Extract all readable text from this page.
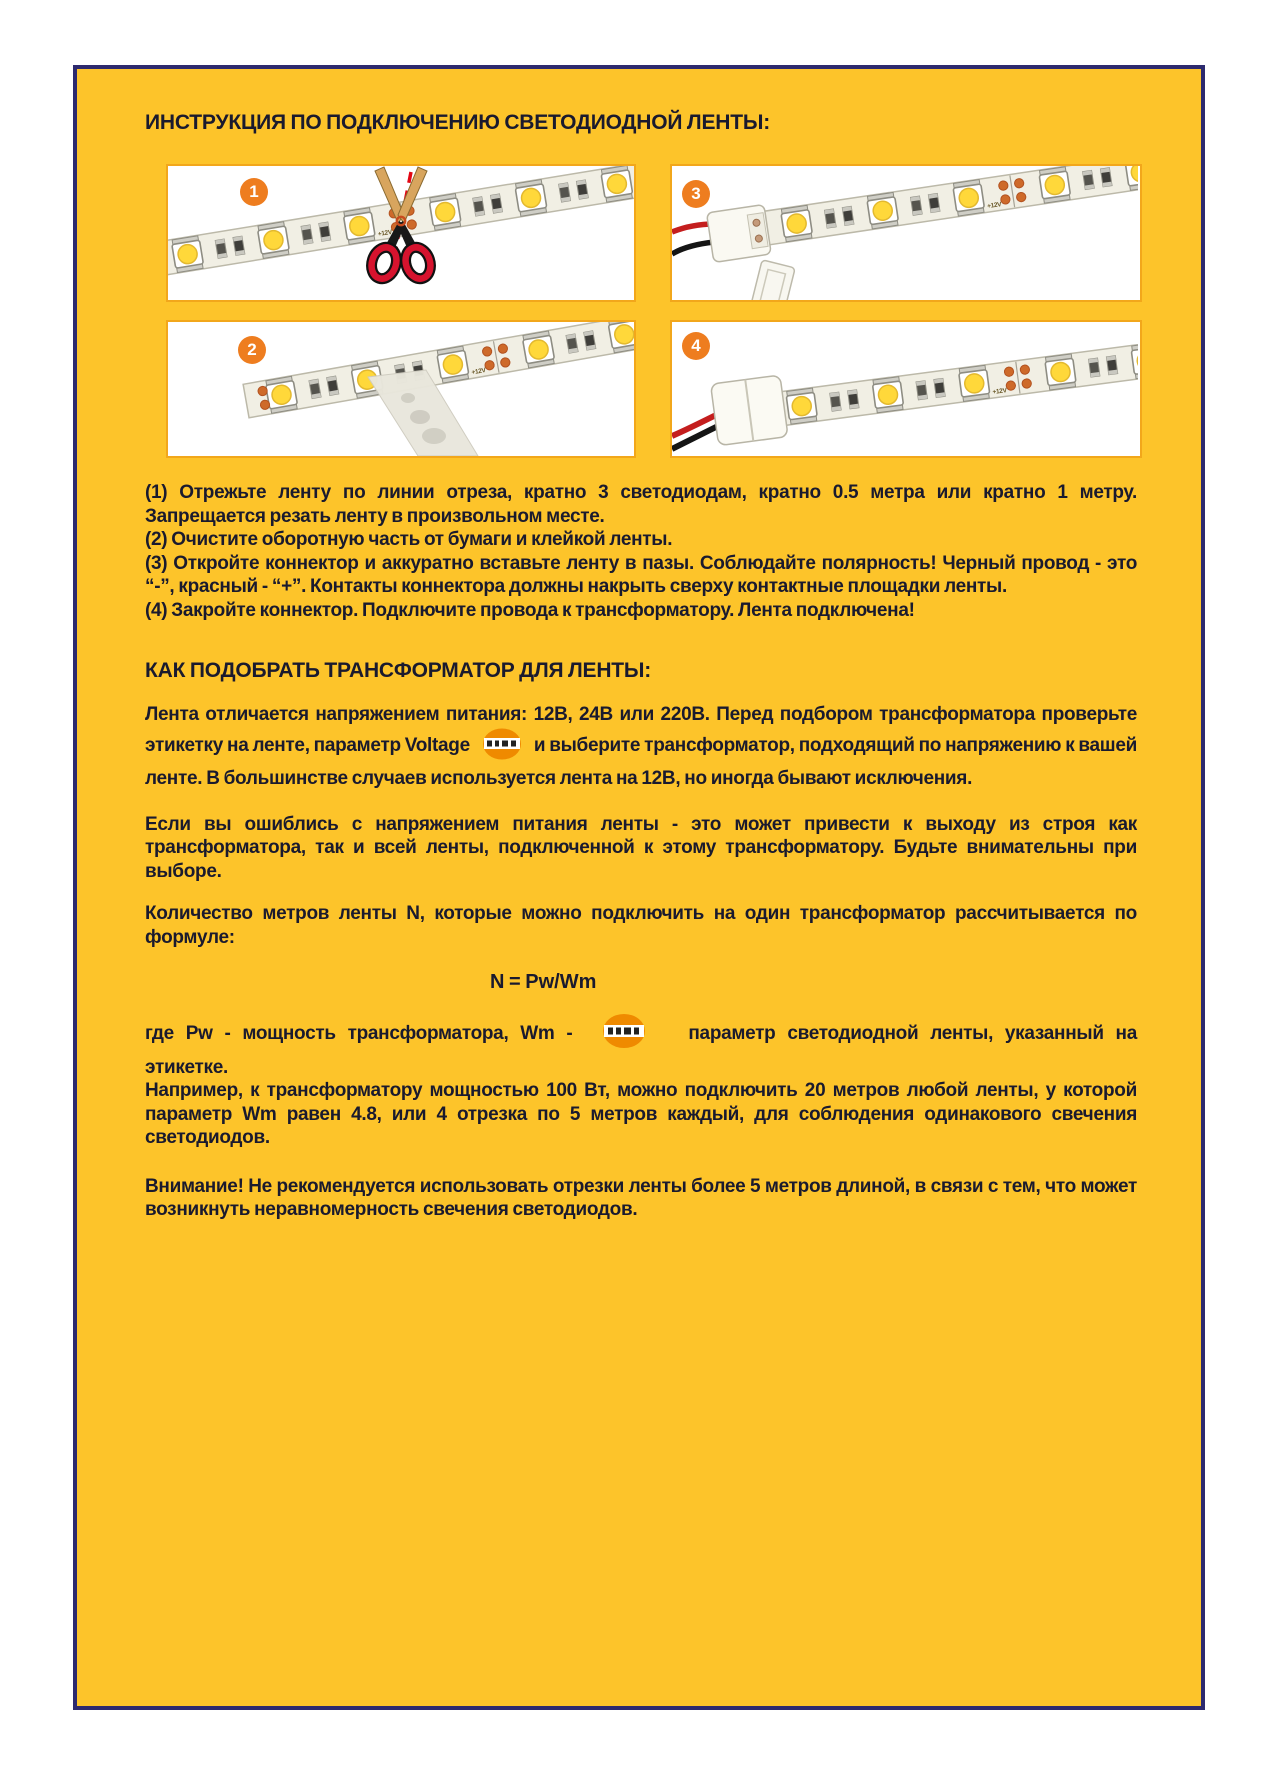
ИНСТРУКЦИЯ ПО ПОДКЛЮЧЕНИЮ СВЕТОДИОДНОЙ ЛЕНТЫ:
1	3
2	4

(1) Отрежьте ленту по линии отреза, кратно 3 светодиодам, кратно 0.5 метра или кратно 1 метру. Запрещается резать ленту в произвольном месте.

(2) Очистите оборотную часть от бумаги и клейкой ленты.

(3) Откройте коннектор и аккуратно вставьте ленту в пазы. Соблюдайте полярность! Черный провод - это “-”, красный - “+”. Контакты коннектора должны накрыть сверху контактные площадки ленты.

(4) Закройте коннектор. Подключите провода к трансформатору. Лента подключена!

КАК ПОДОБРАТЬ ТРАНСФОРМАТОР ДЛЯ ЛЕНТЫ:

Лента отличается напряжением питания: 12В, 24В или 220В. Перед подбором трансформатора проверьте этикетку на ленте, параметр Voltage	и выберите трансформатор, подходящий по напряжению к вашей ленте. В большинстве случаев используется лента на 12В, но иногда бывают исключения.

Если вы ошиблись с напряжением питания ленты - это может привести к выходу из строя как трансформатора, так и всей ленты, подключенной к этому трансформатору. Будьте внимательны при выборе.

Количество метров ленты N, которые можно подключить на один трансформатор рассчитывается по формуле:

N = Pw/Wm

где Pw - мощность трансформатора, Wm -	параметр светодиодной ленты, указанный на этикетке.

Например, к трансформатору мощностью 100 Вт, можно подключить 20 метров любой ленты, у которой параметр Wm равен 4.8, или 4 отрезка по 5 метров каждый, для соблюдения одинакового свечения светодиодов.

Внимание! Не рекомендуется использовать отрезки ленты более 5 метров длиной, в связи с тем, что может возникнуть неравномерность свечения светодиодов.
